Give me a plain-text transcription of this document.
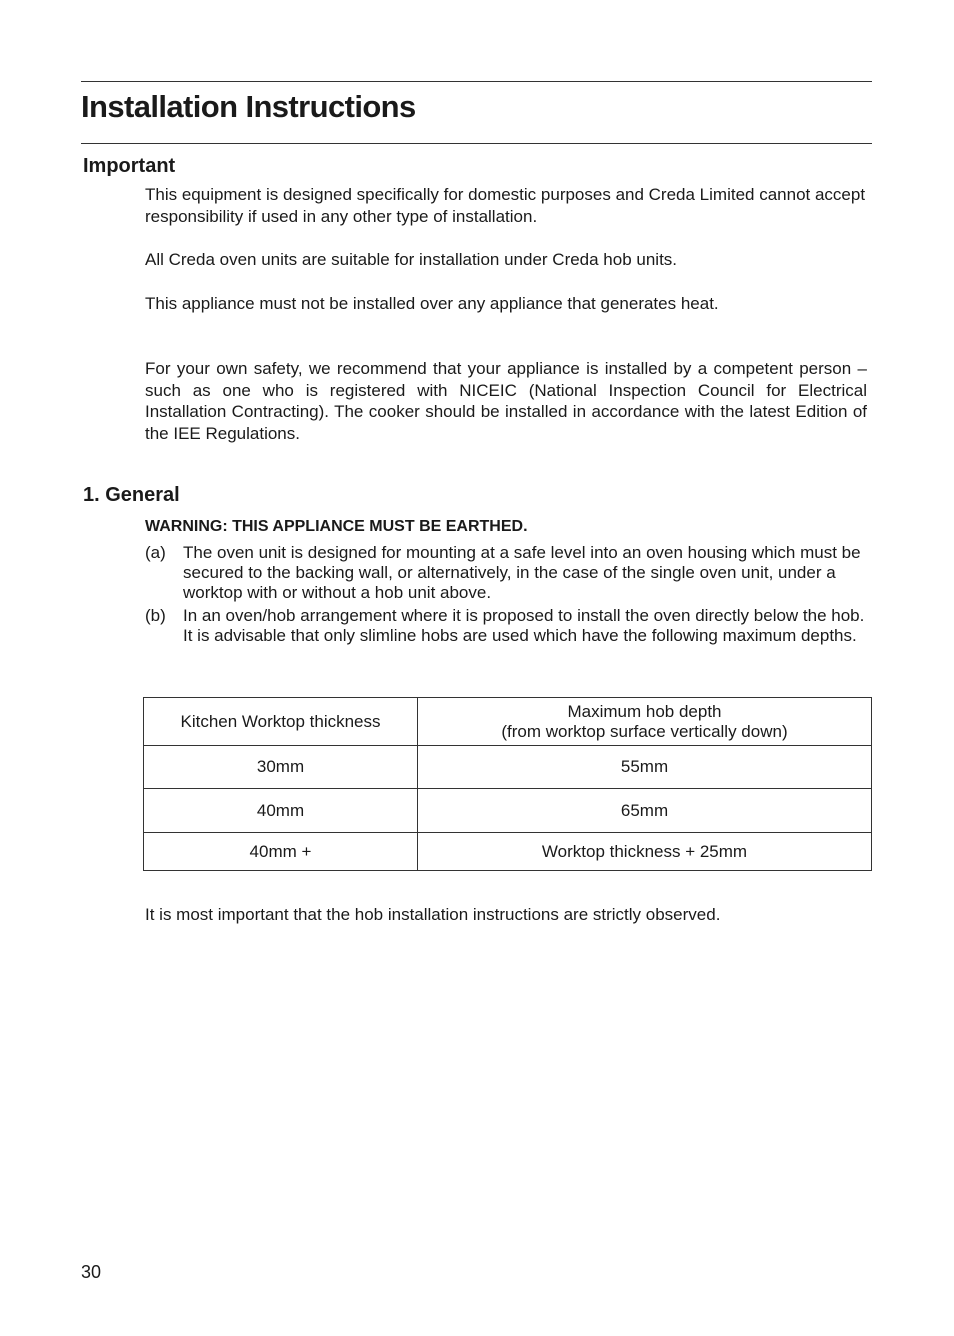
Installation Instructions
Important

This equipment is designed specifically for domestic purposes and Creda Limited cannot accept responsibility if used in any other type of installation.

All Creda oven units are suitable for installation under Creda hob units.

This appliance must not be installed over any appliance that generates heat.

For your own safety, we recommend that your appliance is installed by a competent person – such as one who is registered with NICEIC (National Inspection Council for Electrical Installation Contracting). The cooker should be installed in accordance with the latest Edition of the IEE Regulations.

1. General

WARNING: THIS APPLIANCE MUST BE EARTHED.

(a) The oven unit is designed for mounting at a safe level into an oven housing which must be secured to the backing wall, or alternatively, in the case of the single oven unit, under a worktop with or without a hob unit above.
(b) In an oven/hob arrangement where it is proposed to install the oven directly below the hob. It is advisable that only slimline hobs are used which have the following maximum depths.
Kitchen Worktop thickness	Maximum hob depth
(from worktop surface vertically down)

30mm	55mm
40mm	65mm
40mm +	Worktop thickness + 25mm

It is most important that the hob installation instructions are strictly observed.

30
